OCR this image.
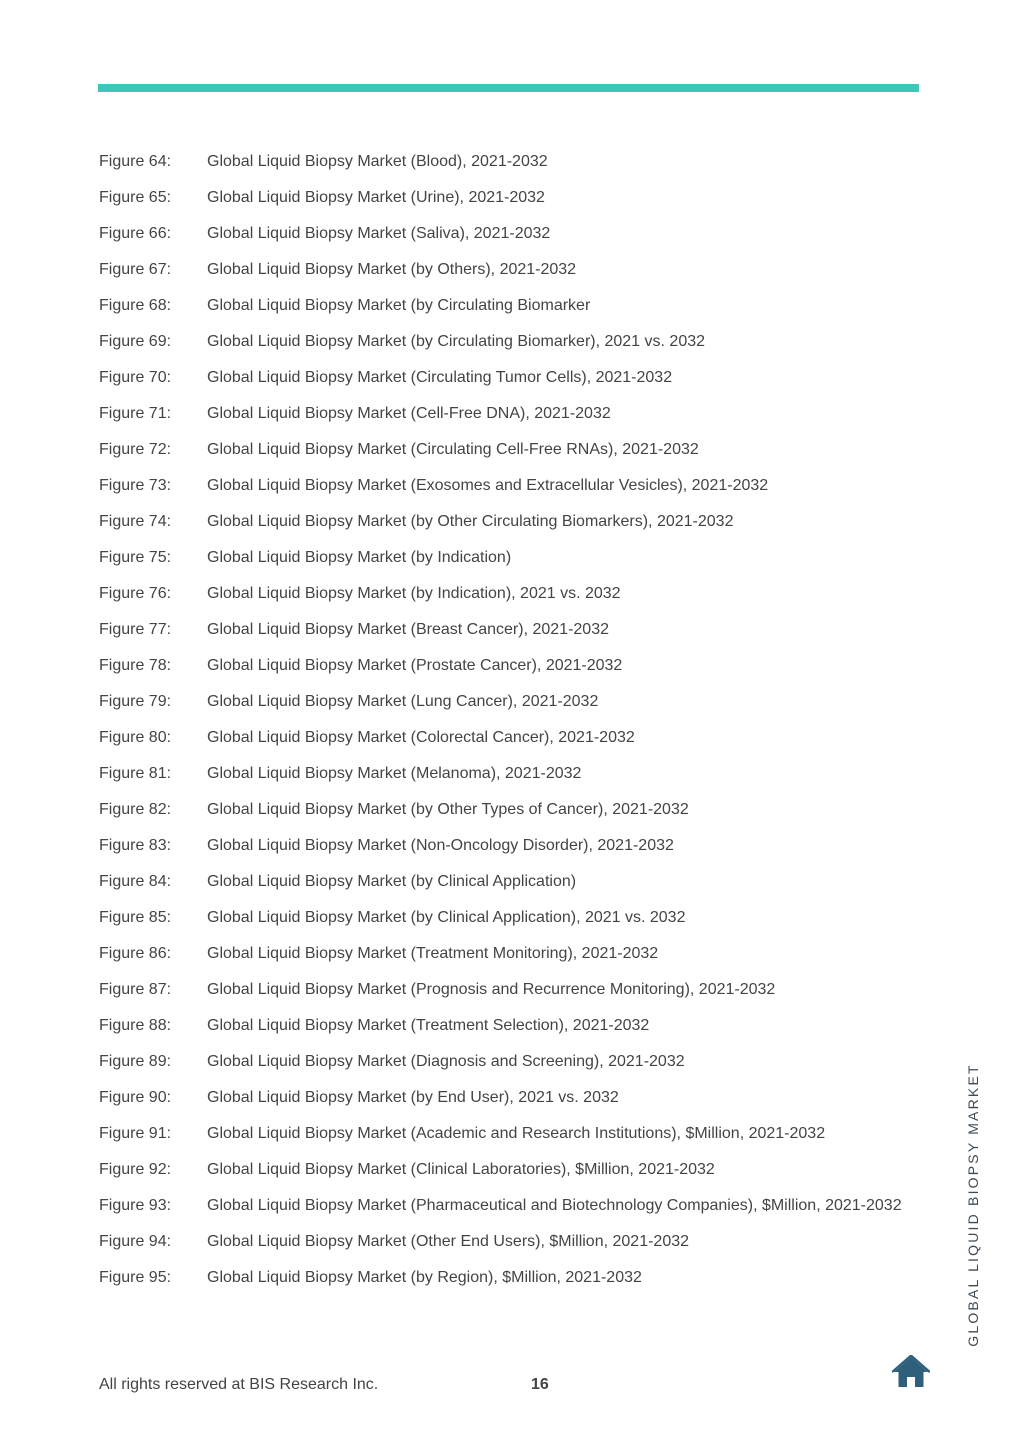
Figure 64:	Global Liquid Biopsy Market (Blood), 2021-2032
Figure 65:	Global Liquid Biopsy Market (Urine), 2021-2032
Figure 66:	Global Liquid Biopsy Market (Saliva), 2021-2032
Figure 67:	Global Liquid Biopsy Market (by Others), 2021-2032
Figure 68:	Global Liquid Biopsy Market (by Circulating Biomarker
Figure 69:	Global Liquid Biopsy Market (by Circulating Biomarker), 2021 vs. 2032
Figure 70:	Global Liquid Biopsy Market (Circulating Tumor Cells), 2021-2032
Figure 71:	Global Liquid Biopsy Market (Cell-Free DNA), 2021-2032
Figure 72:	Global Liquid Biopsy Market (Circulating Cell-Free RNAs), 2021-2032
Figure 73:	Global Liquid Biopsy Market (Exosomes and Extracellular Vesicles), 2021-2032
Figure 74:	Global Liquid Biopsy Market (by Other Circulating Biomarkers), 2021-2032
Figure 75:	Global Liquid Biopsy Market (by Indication)
Figure 76:	Global Liquid Biopsy Market (by Indication), 2021 vs. 2032
Figure 77:	Global Liquid Biopsy Market (Breast Cancer), 2021-2032
Figure 78:	Global Liquid Biopsy Market (Prostate Cancer), 2021-2032
Figure 79:	Global Liquid Biopsy Market (Lung Cancer), 2021-2032
Figure 80:	Global Liquid Biopsy Market (Colorectal Cancer), 2021-2032
Figure 81:	Global Liquid Biopsy Market (Melanoma), 2021-2032
Figure 82:	Global Liquid Biopsy Market (by Other Types of Cancer), 2021-2032
Figure 83:	Global Liquid Biopsy Market (Non-Oncology Disorder), 2021-2032
Figure 84:	Global Liquid Biopsy Market (by Clinical Application)
Figure 85:	Global Liquid Biopsy Market (by Clinical Application), 2021 vs. 2032
Figure 86:	Global Liquid Biopsy Market (Treatment Monitoring), 2021-2032
Figure 87:	Global Liquid Biopsy Market (Prognosis and Recurrence Monitoring), 2021-2032
Figure 88:	Global Liquid Biopsy Market (Treatment Selection), 2021-2032
Figure 89:	Global Liquid Biopsy Market (Diagnosis and Screening), 2021-2032
Figure 90:	Global Liquid Biopsy Market (by End User), 2021 vs. 2032
Figure 91:	Global Liquid Biopsy Market (Academic and Research Institutions), $Million, 2021-2032
Figure 92:	Global Liquid Biopsy Market (Clinical Laboratories), $Million, 2021-2032
Figure 93:	Global Liquid Biopsy Market (Pharmaceutical and Biotechnology Companies), $Million, 2021-2032
Figure 94:	Global Liquid Biopsy Market (Other End Users), $Million, 2021-2032
Figure 95:	Global Liquid Biopsy Market (by Region), $Million, 2021-2032	GLOBAL LIQUID BIOPSY MARKET
All rights reserved at BIS Research Inc.	16
